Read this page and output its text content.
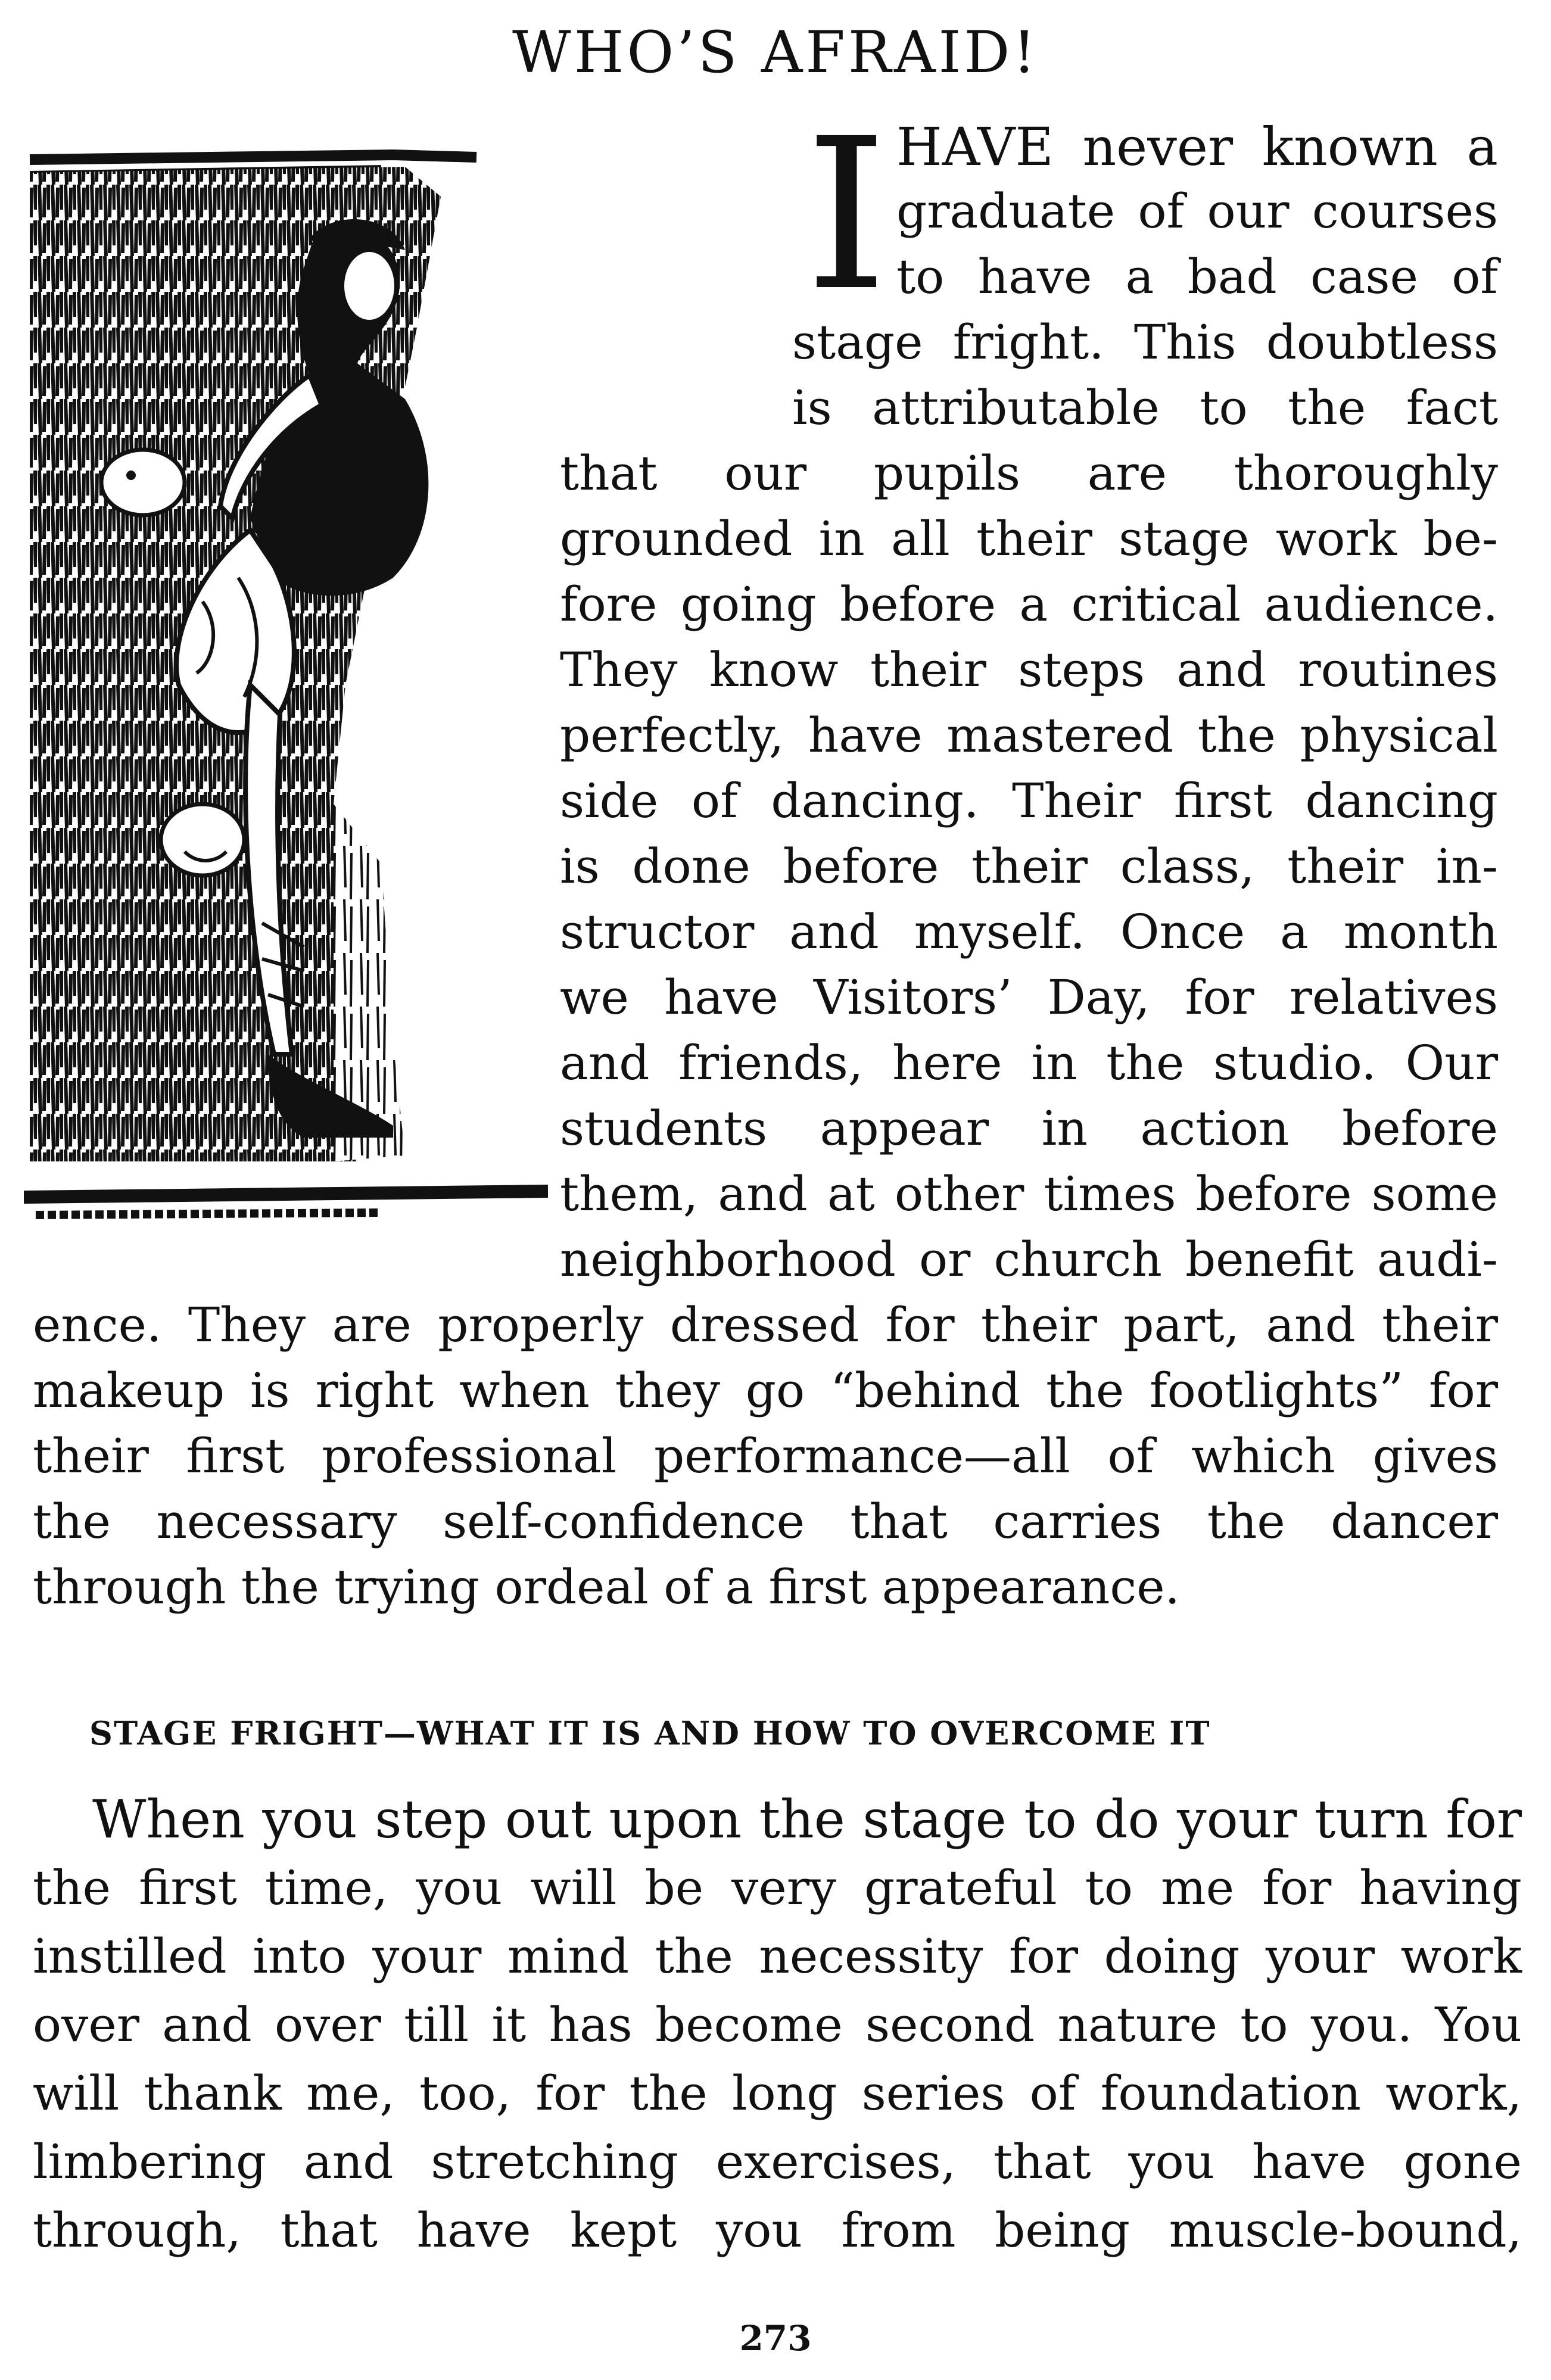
WHO’S AFRAID!
I HAVE never known a
graduate of our courses
to have a bad case of
stage fright. This doubtless
is attributable to the fact
that our pupils are thoroughly
grounded in all their stage work be-
fore going before a critical audience.
They know their steps and routines
perfectly, have mastered the physical
side of dancing. Their first dancing
is done before their class, their in-
structor and myself. Once a month
we have Visitors’ Day, for relatives
and friends, here in the studio. Our
students appear in action before
them, and at other times before some
neighborhood or church benefit audi-
ence. They are properly dressed for their part, and their
makeup is right when they go “behind the footlights” for
their first professional performance—all of which gives
the necessary self-confidence that carries the dancer
through the trying ordeal of a first appearance.
STAGE FRIGHT—WHAT IT IS AND HOW TO OVERCOME IT
When you step out upon the stage to do your turn for
the first time, you will be very grateful to me for having
instilled into your mind the necessity for doing your work
over and over till it has become second nature to you. You
will thank me, too, for the long series of foundation work,
limbering and stretching exercises, that you have gone
through, that have kept you from being muscle-bound,
273
